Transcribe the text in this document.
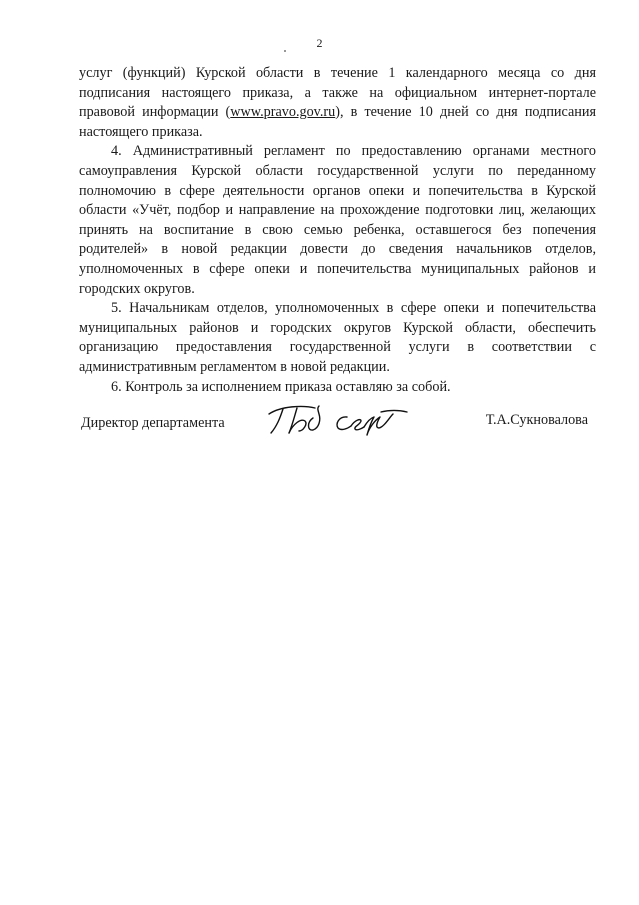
2

услуг (функций) Курской области в течение 1 календарного месяца со дня подписания настоящего приказа, а также на официальном интернет-портале правовой информации (www.pravo.gov.ru), в течение 10 дней со дня подписания настоящего приказа.

4. Административный регламент по предоставлению органами местного самоуправления Курской области государственной услуги по переданному полномочию в сфере деятельности органов опеки и попечительства в Курской области «Учёт, подбор и направление на прохождение подготовки лиц, желающих принять на воспитание в свою семью ребенка, оставшегося без попечения родителей» в новой редакции довести до сведения начальников отделов, уполномоченных в сфере опеки и попечительства муниципальных районов и городских округов.

5. Начальникам отделов, уполномоченных в сфере опеки и попечительства муниципальных районов и городских округов Курской области, обеспечить организацию предоставления государственной услуги в соответствии с административным регламентом в новой редакции.

6. Контроль за исполнением приказа оставляю за собой.

Директор департамента	Т.А.Сукновалова
